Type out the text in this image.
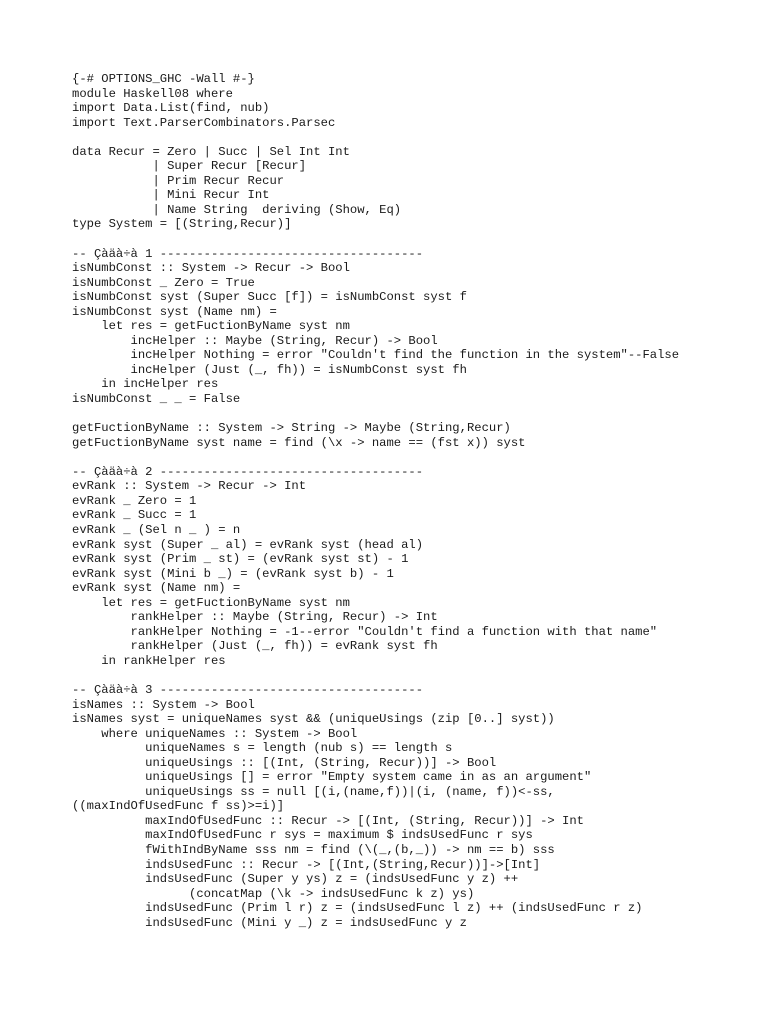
{-# OPTIONS_GHC -Wall #-}
module Haskell08 where
import Data.List(find, nub)
import Text.ParserCombinators.Parsec
data Recur = Zero | Succ | Sel Int Int
| Super Recur [Recur]
| Prim Recur Recur
| Mini Recur Int
| Name String  deriving (Show, Eq)
type System = [(String,Recur)]
-- Çàäà÷à 1 ------------------------------------
isNumbConst :: System -> Recur -> Bool
isNumbConst _ Zero = True
isNumbConst syst (Super Succ [f]) = isNumbConst syst f
isNumbConst syst (Name nm) =
let res = getFuctionByName syst nm
incHelper :: Maybe (String, Recur) -> Bool
incHelper Nothing = error "Couldn't find the function in the system"--False
incHelper (Just (_, fh)) = isNumbConst syst fh
in incHelper res
isNumbConst _ _ = False
getFuctionByName :: System -> String -> Maybe (String,Recur)
getFuctionByName syst name = find (\x -> name == (fst x)) syst
-- Çàäà÷à 2 ------------------------------------
evRank :: System -> Recur -> Int
evRank _ Zero = 1
evRank _ Succ = 1
evRank _ (Sel n _ ) = n
evRank syst (Super _ al) = evRank syst (head al)
evRank syst (Prim _ st) = (evRank syst st) - 1
evRank syst (Mini b _) = (evRank syst b) - 1
evRank syst (Name nm) =
let res = getFuctionByName syst nm
rankHelper :: Maybe (String, Recur) -> Int
rankHelper Nothing = -1--error "Couldn't find a function with that name"
rankHelper (Just (_, fh)) = evRank syst fh
in rankHelper res
-- Çàäà÷à 3 ------------------------------------
isNames :: System -> Bool
isNames syst = uniqueNames syst && (uniqueUsings (zip [0..] syst))
where uniqueNames :: System -> Bool
uniqueNames s = length (nub s) == length s
uniqueUsings :: [(Int, (String, Recur))] -> Bool
uniqueUsings [] = error "Empty system came in as an argument"
uniqueUsings ss = null [(i,(name,f))|(i, (name, f))<-ss,
((maxIndOfUsedFunc f ss)>=i)]
maxIndOfUsedFunc :: Recur -> [(Int, (String, Recur))] -> Int
maxIndOfUsedFunc r sys = maximum $ indsUsedFunc r sys
fWithIndByName sss nm = find (\(_,(b,_)) -> nm == b) sss
indsUsedFunc :: Recur -> [(Int,(String,Recur))]->[Int]
indsUsedFunc (Super y ys) z = (indsUsedFunc y z) ++
(concatMap (\k -> indsUsedFunc k z) ys)
indsUsedFunc (Prim l r) z = (indsUsedFunc l z) ++ (indsUsedFunc r z)
indsUsedFunc (Mini y _) z = indsUsedFunc y z
